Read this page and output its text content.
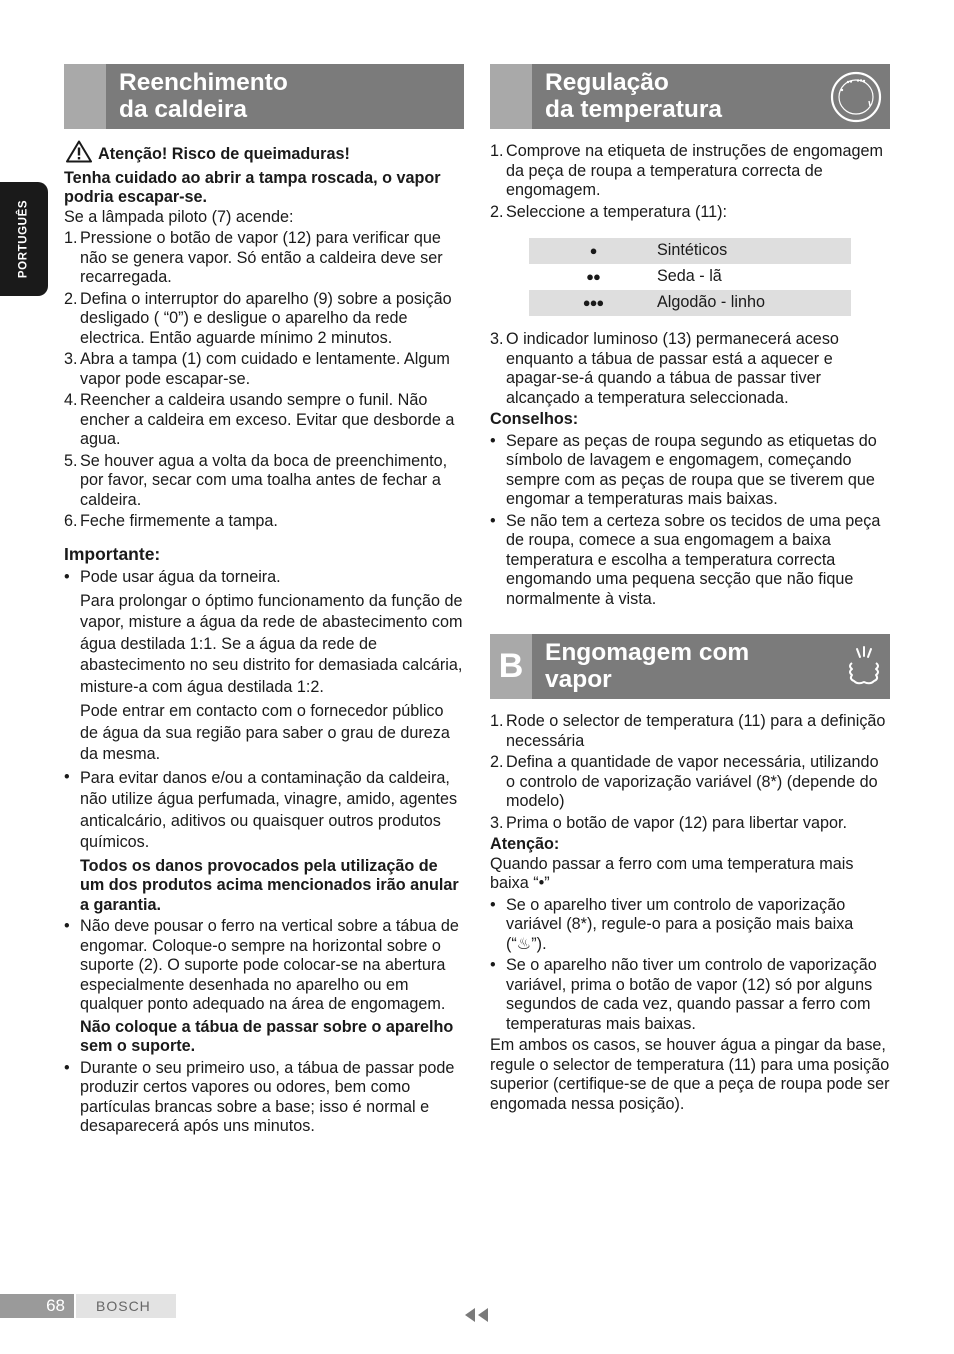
PORTUGUÊS
Reenchimento
da caldeira

Atenção! Risco de queimaduras!

Tenha cuidado ao abrir a tampa roscada, o vapor podria escapar-se.

Se a lâmpada piloto (7) acende:

1. Pressione o botão de vapor (12) para verificar que não se genera vapor. Só então a caldeira deve ser recarregada.
2. Defina o interruptor do aparelho (9) sobre a posição desligado ( “0”) e desligue o aparelho da rede electrica. Então aguarde mínimo 2 minutos.
3. Abra a tampa (1) com cuidado e lentamente. Algum vapor pode escapar-se.
4. Reencher a caldeira usando sempre o funil. Não encher a caldeira em exceso. Evitar que desborde a agua.
5. Se houver agua a volta da boca de preenchimento, por favor, secar com uma toalha antes de fechar a caldeira.
6. Feche firmemente a tampa.

Importante:

• Pode usar água da torneira.

Para prolongar o óptimo funcionamento da função de vapor, misture a água da rede de abastecimento com água destilada 1:1. Se a água da rede de abastecimento no seu distrito for demasiada calcária, misture-a com água destilada 1:2.

Pode entrar em contacto com o fornecedor público de água da sua região para saber o grau de dureza da mesma.

• Para evitar danos e/ou a contaminação da caldeira, não utilize água perfumada, vinagre, amido, agentes anticalcário, aditivos ou quaisquer outros produtos químicos.

Todos os danos provocados pela utilização de um dos produtos acima mencionados irão anular a garantia.

• Não deve pousar o ferro na vertical sobre a tábua de engomar. Coloque-o sempre na horizontal sobre o suporte (2). O suporte pode colocar-se na abertura especialmente desenhada no aparelho ou em qualquer ponto adequado na área de engomagem.

Não coloque a tábua de passar sobre o aparelho sem o suporte.

• Durante o seu primeiro uso, a tábua de passar pode produzir certos vapores ou odores, bem como partículas brancas sobre a base; isso é normal e desaparecerá após uns minutos.

Regulação
da temperatura
1. Comprove na etiqueta de instruções de engomagem da peça de roupa a temperatura correcta de engomagem.
2. Seleccione a temperatura (11):
●	Sintéticos
●●	Seda - lã
●●●	Algodão - linho
3. O indicador luminoso (13) permanecerá aceso enquanto a tábua de passar está a aquecer e apagar-se-á quando a tábua de passar tiver alcançado a temperatura seleccionada.

Conselhos:

• Separe as peças de roupa segundo as etiquetas do símbolo de lavagem e engomagem, começando sempre com as peças de roupa que se tiverem que engomar a temperaturas mais baixas.
• Se não tem a certeza sobre os tecidos de uma peça de roupa, comece a sua engomagem a baixa temperatura e escolha a temperatura correcta engomando uma pequena secção que não fique normalmente à vista.
B Engomagem com
vapor
1. Rode o selector de temperatura (11) para a definição necessária
2. Defina a quantidade de vapor necessária, utilizando o controlo de vaporização variável (8*) (depende do modelo)
3. Prima o botão de vapor (12) para libertar vapor.

Atenção:

Quando passar a ferro com uma temperatura mais baixa “•”

• Se o aparelho tiver um controlo de vaporização variável (8*), regule-o para a posição mais baixa (“♨”).
• Se o aparelho não tiver um controlo de vaporização variável, prima o botão de vapor (12) só por alguns segundos de cada vez, quando passar a ferro com temperaturas mais baixas.

Em ambos os casos, se houver água a pingar da base, regule o selector de temperatura (11) para uma posição superior (certifique-se de que a peça de roupa pode ser engomada nessa posição).

68	BOSCH
